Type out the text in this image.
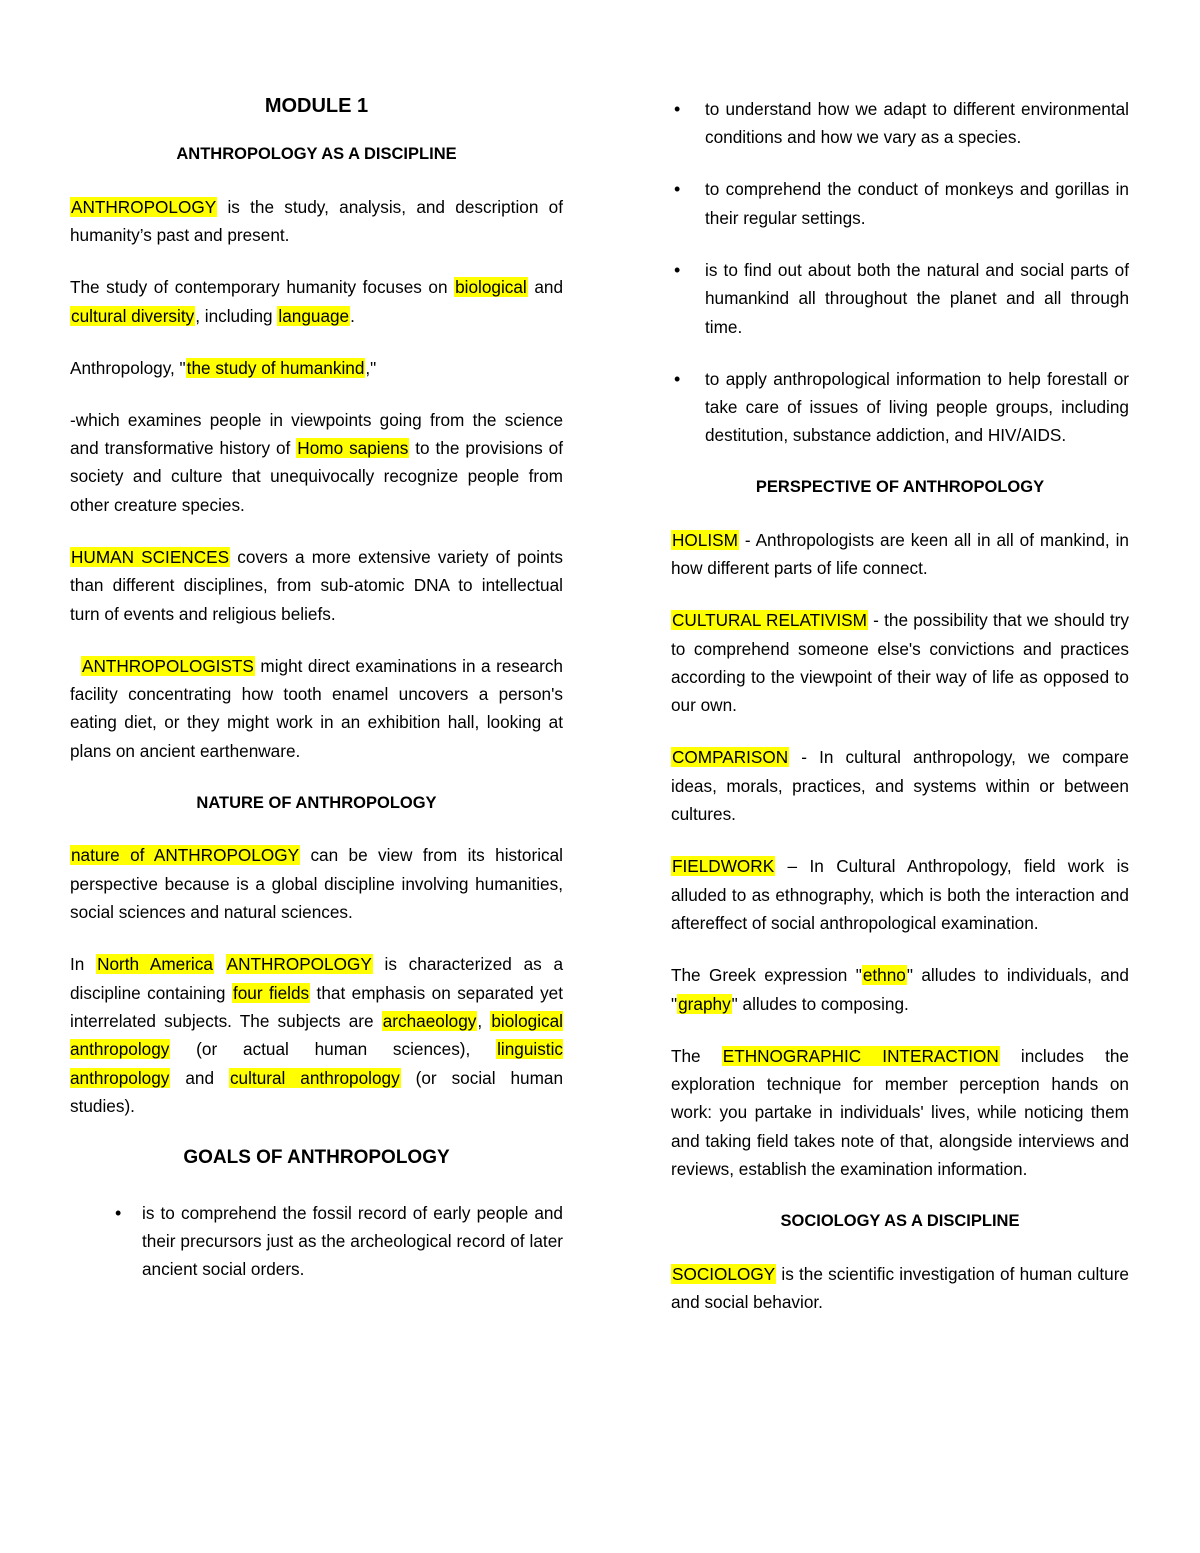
MODULE 1
ANTHROPOLOGY AS A DISCIPLINE

ANTHROPOLOGY is the study, analysis, and description of humanity’s past and present.

The study of contemporary humanity focuses on biological and cultural diversity, including language.

Anthropology, "the study of humankind,"

-which examines people in viewpoints going from the science and transformative history of Homo sapiens to the provisions of society and culture that unequivocally recognize people from other creature species.

HUMAN SCIENCES covers a more extensive variety of points than different disciplines, from sub-atomic DNA to intellectual turn of events and religious beliefs.

ANTHROPOLOGISTS might direct examinations in a research facility concentrating how tooth enamel uncovers a person's eating diet, or they might work in an exhibition hall, looking at plans on ancient earthenware.

NATURE OF ANTHROPOLOGY

nature of ANTHROPOLOGY can be view from its historical perspective because is a global discipline involving humanities, social sciences and natural sciences.

In North America ANTHROPOLOGY is characterized as a discipline containing four fields that emphasis on separated yet interrelated subjects. The subjects are archaeology, biological anthropology (or actual human sciences), linguistic anthropology and cultural anthropology (or social human studies).

GOALS OF ANTHROPOLOGY
• is to comprehend the fossil record of early people and their precursors just as the archeological record of later ancient social orders.
• to understand how we adapt to different environmental conditions and how we vary as a species.
• to comprehend the conduct of monkeys and gorillas in their regular settings.
• is to find out about both the natural and social parts of humankind all throughout the planet and all through time.
• to apply anthropological information to help forestall or take care of issues of living people groups, including destitution, substance addiction, and HIV/AIDS.
PERSPECTIVE OF ANTHROPOLOGY

HOLISM - Anthropologists are keen all in all of mankind, in how different parts of life connect.

CULTURAL RELATIVISM - the possibility that we should try to comprehend someone else's convictions and practices according to the viewpoint of their way of life as opposed to our own.

COMPARISON - In cultural anthropology, we compare ideas, morals, practices, and systems within or between cultures.

FIELDWORK – In Cultural Anthropology, field work is alluded to as ethnography, which is both the interaction and aftereffect of social anthropological examination.

The Greek expression "ethno" alludes to individuals, and "graphy" alludes to composing.

The ETHNOGRAPHIC INTERACTION includes the exploration technique for member perception hands on work: you partake in individuals' lives, while noticing them and taking field takes note of that, alongside interviews and reviews, establish the examination information.

SOCIOLOGY AS A DISCIPLINE

SOCIOLOGY is the scientific investigation of human culture and social behavior.
